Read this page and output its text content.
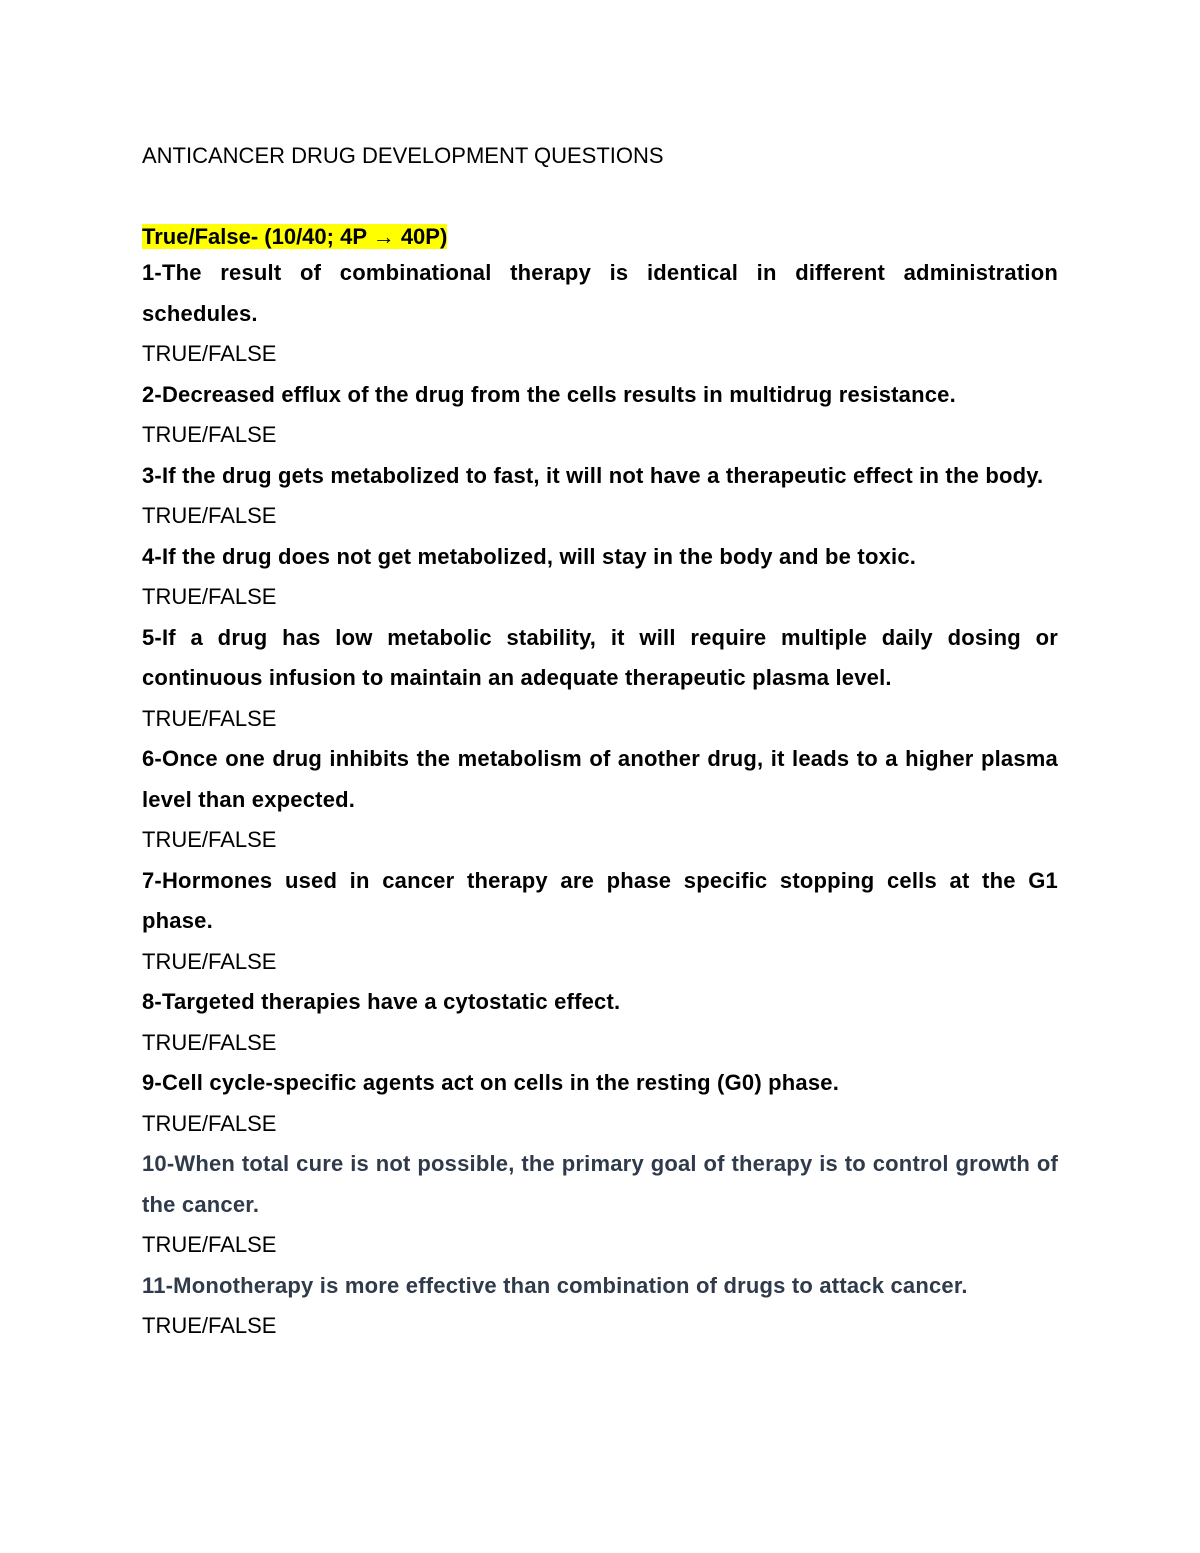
ANTICANCER DRUG DEVELOPMENT QUESTIONS
True/False- (10/40; 4P → 40P)

1-The result of combinational therapy is identical in different administration schedules.

TRUE/FALSE

2-Decreased efflux of the drug from the cells results in multidrug resistance.

TRUE/FALSE

3-If the drug gets metabolized to fast, it will not have a therapeutic effect in the body.

TRUE/FALSE

4-If the drug does not get metabolized, will stay in the body and be toxic.

TRUE/FALSE

5-If a drug has low metabolic stability, it will require multiple daily dosing or continuous infusion to maintain an adequate therapeutic plasma level.

TRUE/FALSE

6-Once one drug inhibits the metabolism of another drug, it leads to a higher plasma level than expected.

TRUE/FALSE

7-Hormones used in cancer therapy are phase specific stopping cells at the G1 phase.

TRUE/FALSE

8-Targeted therapies have a cytostatic effect.

TRUE/FALSE

9-Cell cycle-specific agents act on cells in the resting (G0) phase.

TRUE/FALSE

10-When total cure is not possible, the primary goal of therapy is to control growth of the cancer.

TRUE/FALSE

11-Monotherapy is more effective than combination of drugs to attack cancer.

TRUE/FALSE
